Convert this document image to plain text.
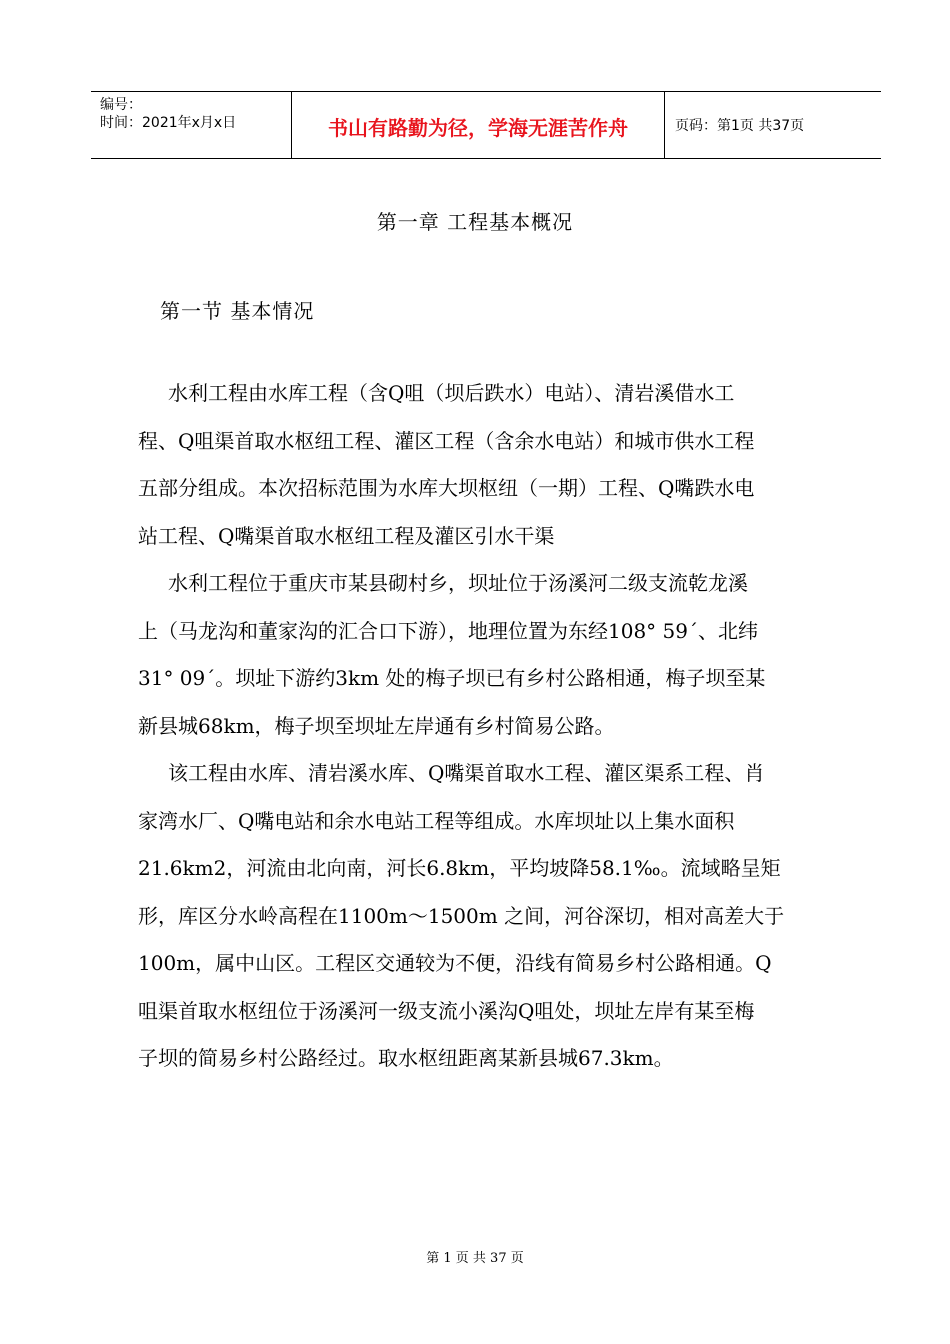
编号：
时间：2021年x月x日	书山有路勤为径，学海无涯苦作舟	页码：第1页 共37页
第一章 工程基本概况
第一节 基本情况
水利工程由水库工程（含Q咀（坝后跌水）电站）、清岩溪借水工
程、Q咀渠首取水枢纽工程、灌区工程（含余水电站）和城市供水工程
五部分组成。本次招标范围为水库大坝枢纽（一期）工程、Q嘴跌水电
站工程、Q嘴渠首取水枢纽工程及灌区引水干渠
水利工程位于重庆市某县砌村乡，坝址位于汤溪河二级支流乾龙溪
上（马龙沟和董家沟的汇合口下游），地理位置为东经108° 59´、北纬
31° 09´。坝址下游约3km 处的梅子坝已有乡村公路相通，梅子坝至某
新县城68km，梅子坝至坝址左岸通有乡村简易公路。
该工程由水库、清岩溪水库、Q嘴渠首取水工程、灌区渠系工程、肖
家湾水厂、Q嘴电站和余水电站工程等组成。水库坝址以上集水面积
21.6km2，河流由北向南，河长6.8km，平均坡降58.1‰。流域略呈矩
形，库区分水岭高程在1100m～1500m 之间，河谷深切，相对高差大于
100m，属中山区。工程区交通较为不便，沿线有简易乡村公路相通。Q
咀渠首取水枢纽位于汤溪河一级支流小溪沟Q咀处，坝址左岸有某至梅
子坝的简易乡村公路经过。取水枢纽距离某新县城67.3km。
第 1 页 共 37 页
